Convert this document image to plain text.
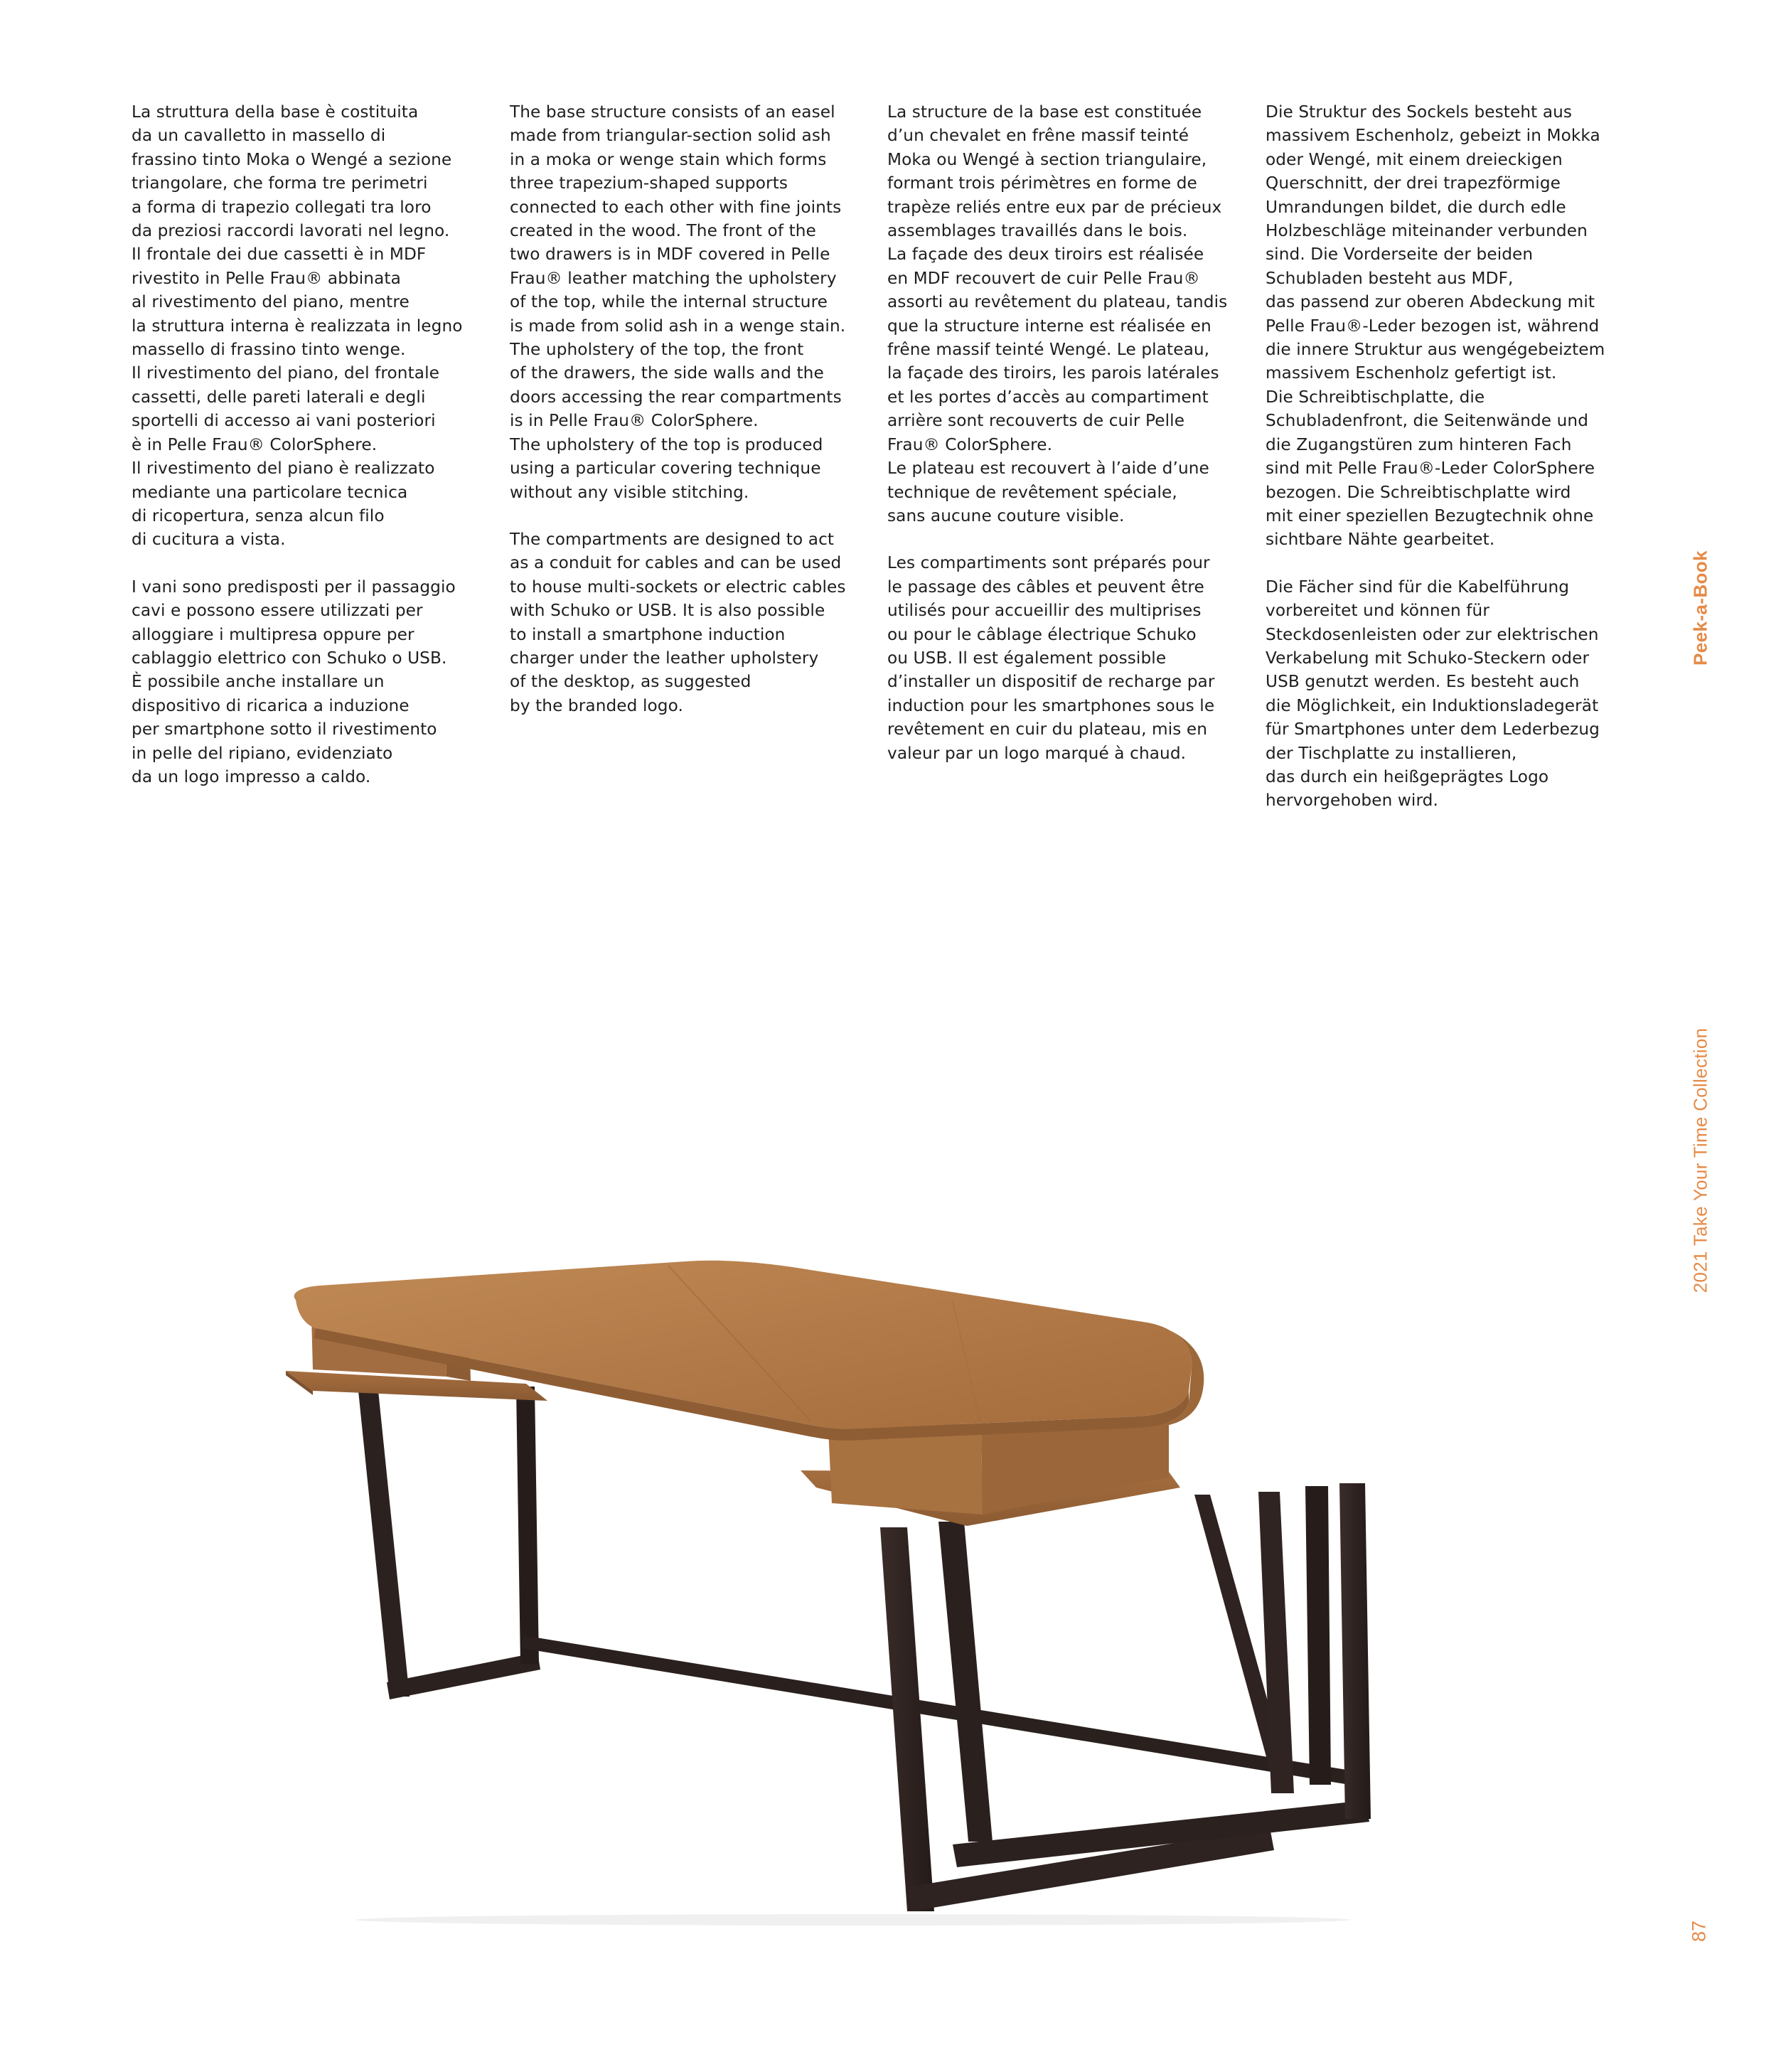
La struttura della base è costituita
da un cavalletto in massello di
frassino tinto Moka o Wengé a sezione
triangolare, che forma tre perimetri
a forma di trapezio collegati tra loro
da preziosi raccordi lavorati nel legno.
Il frontale dei due cassetti è in MDF
rivestito in Pelle Frau® abbinata
al rivestimento del piano, mentre
la struttura interna è realizzata in legno
massello di frassino tinto wenge.
Il rivestimento del piano, del frontale
cassetti, delle pareti laterali e degli
sportelli di accesso ai vani posteriori
è in Pelle Frau® ColorSphere.
Il rivestimento del piano è realizzato
mediante una particolare tecnica
di ricopertura, senza alcun filo
di cucitura a vista.

I vani sono predisposti per il passaggio
cavi e possono essere utilizzati per
alloggiare i multipresa oppure per
cablaggio elettrico con Schuko o USB.
È possibile anche installare un
dispositivo di ricarica a induzione
per smartphone sotto il rivestimento
in pelle del ripiano, evidenziato
da un logo impresso a caldo.

The base structure consists of an easel
made from triangular-section solid ash
in a moka or wenge stain which forms
three trapezium-shaped supports
connected to each other with fine joints
created in the wood. The front of the
two drawers is in MDF covered in Pelle
Frau® leather matching the upholstery
of the top, while the internal structure
is made from solid ash in a wenge stain.
The upholstery of the top, the front
of the drawers, the side walls and the
doors accessing the rear compartments
is in Pelle Frau® ColorSphere.
The upholstery of the top is produced
using a particular covering technique
without any visible stitching.

The compartments are designed to act
as a conduit for cables and can be used
to house multi-sockets or electric cables
with Schuko or USB. It is also possible
to install a smartphone induction
charger under the leather upholstery
of the desktop, as suggested
by the branded logo.

La structure de la base est constituée
d’un chevalet en frêne massif teinté
Moka ou Wengé à section triangulaire,
formant trois périmètres en forme de
trapèze reliés entre eux par de précieux
assemblages travaillés dans le bois.
La façade des deux tiroirs est réalisée
en MDF recouvert de cuir Pelle Frau®
assorti au revêtement du plateau, tandis
que la structure interne est réalisée en
frêne massif teinté Wengé. Le plateau,
la façade des tiroirs, les parois latérales
et les portes d’accès au compartiment
arrière sont recouverts de cuir Pelle
Frau® ColorSphere.
Le plateau est recouvert à l’aide d’une
technique de revêtement spéciale,
sans aucune couture visible.

Les compartiments sont préparés pour
le passage des câbles et peuvent être
utilisés pour accueillir des multiprises
ou pour le câblage électrique Schuko
ou USB. Il est également possible
d’installer un dispositif de recharge par
induction pour les smartphones sous le
revêtement en cuir du plateau, mis en
valeur par un logo marqué à chaud.

Die Struktur des Sockels besteht aus
massivem Eschenholz, gebeizt in Mokka
oder Wengé, mit einem dreieckigen
Querschnitt, der drei trapezförmige
Umrandungen bildet, die durch edle
Holzbeschläge miteinander verbunden
sind. Die Vorderseite der beiden
Schubladen besteht aus MDF,
das passend zur oberen Abdeckung mit
Pelle Frau®-Leder bezogen ist, während
die innere Struktur aus wengégebeiztem
massivem Eschenholz gefertigt ist.
Die Schreibtischplatte, die
Schubladenfront, die Seitenwände und
die Zugangstüren zum hinteren Fach
sind mit Pelle Frau®-Leder ColorSphere
bezogen. Die Schreibtischplatte wird
mit einer speziellen Bezugtechnik ohne
sichtbare Nähte gearbeitet.

Die Fächer sind für die Kabelführung
vorbereitet und können für
Steckdosenleisten oder zur elektrischen
Verkabelung mit Schuko-Steckern oder
USB genutzt werden. Es besteht auch
die Möglichkeit, ein Induktionsladegerät
für Smartphones unter dem Lederbezug
der Tischplatte zu installieren,
das durch ein heißgeprägtes Logo
hervorgehoben wird.

Peek-a-Book
2021 Take Your Time Collection
87
